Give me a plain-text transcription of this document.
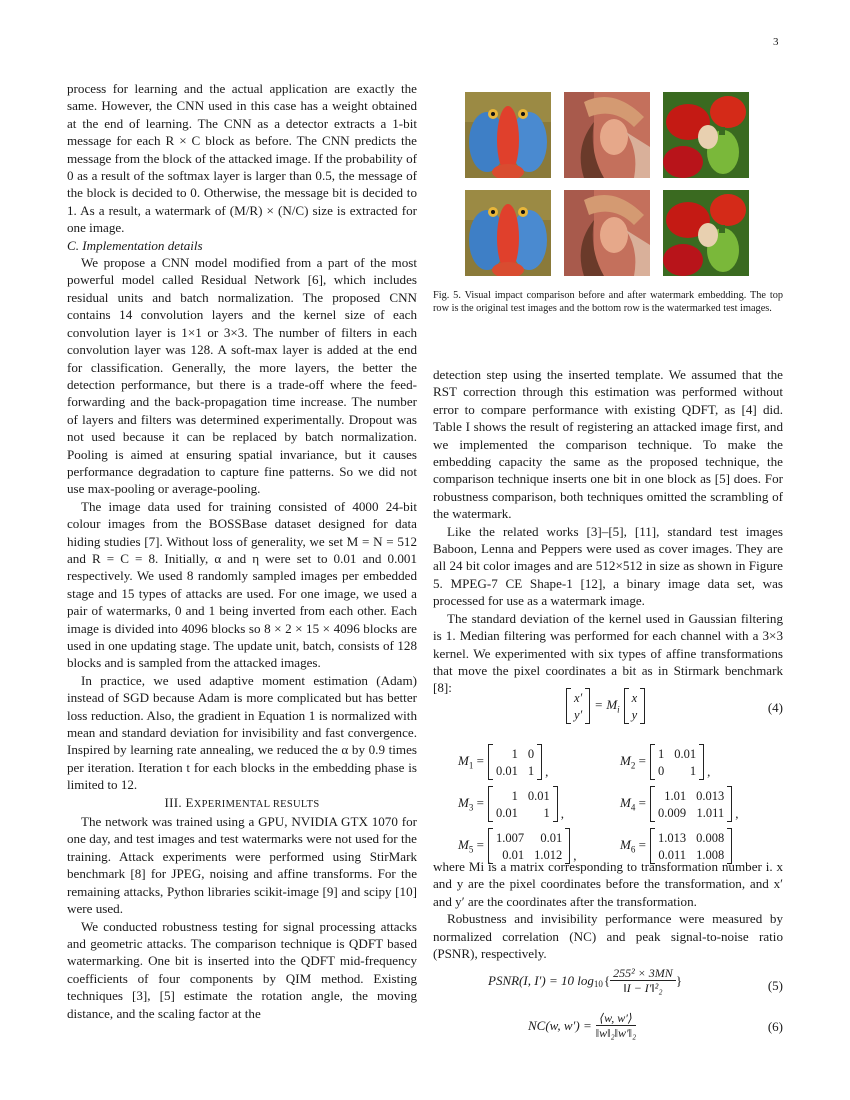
3

process for learning and the actual application are exactly the same. However, the CNN used in this case has a weight obtained at the end of learning. The CNN as a detector extracts a 1-bit message for each R × C block as before. The CNN predicts the message from the block of the attacked image. If the probability of 0 as a result of the softmax layer is larger than 0.5, the message of the block is decided to 0. Otherwise, the message bit is decided to 1. As a result, a watermark of (M/R) × (N/C) size is extracted for one image.

C. Implementation details

We propose a CNN model modified from a part of the most powerful model called Residual Network [6], which includes residual units and batch normalization. The proposed CNN contains 14 convolution layers and the kernel size of each convolution layer is 1×1 or 3×3. The number of filters in each convolution layer was 128. A soft-max layer is added at the end for classification. Generally, the more layers, the better the detection performance, but there is a trade-off where the feed-forwarding and the back-propagation time increase. The number of layers and filters was determined experimentally. Dropout was not used because it can be replaced by batch normalization. Pooling is aimed at ensuring spatial invariance, but it causes performance degradation to capture fine patterns. So we did not use max-pooling or average-pooling.

The image data used for training consisted of 4000 24-bit colour images from the BOSSBase dataset designed for data hiding studies [7]. Without loss of generality, we set M = N = 512 and R = C = 8. Initially, α and η were set to 0.01 and 0.001 respectively. We used 8 randomly sampled images per embedded stage and 15 types of attacks are used. For one image, we used a pair of watermarks, 0 and 1 being inverted from each other. Each image is divided into 4096 blocks so 8 × 2 × 15 × 4096 blocks are used in one updating stage. The update unit, batch, consists of 128 blocks and is sampled from the attacked images.

In practice, we used adaptive moment estimation (Adam) instead of SGD because Adam is more complicated but has better loss reduction. Also, the gradient in Equation 1 is normalized with mean and standard deviation for invisibility and fast convergence. Inspired by learning rate annealing, we reduced the α by 0.9 times per iteration. Iteration t for each blocks in the embedding phase is limited to 12.

III. EXPERIMENTAL RESULTS

The network was trained using a GPU, NVIDIA GTX 1070 for one day, and test images and test watermarks were not used for the training. Attack experiments were performed using StirMark benchmark [8] for JPEG, noising and affine transforms. For the remaining attacks, Python libraries scikit-image [9] and scipy [10] were used.

We conducted robustness testing for signal processing attacks and geometric attacks. The comparison technique is QDFT based watermarking. One bit is inserted into the QDFT mid-frequency coefficients of four components by QIM method. Existing techniques [3], [5] estimate the rotation angle, the moving distance, and the scaling factor at the

Fig. 5. Visual impact comparison before and after watermark embedding. The top row is the original test images and the bottom row is the watermarked test images.

detection step using the inserted template. We assumed that the RST correction through this estimation was performed without error to compare performance with existing QDFT, as [4] did. Table I shows the result of registering an attacked image first, and we implemented the comparison technique. To make the embedding capacity the same as the proposed technique, the comparison technique inserts one bit in one block as [5] does. For robustness comparison, both techniques omitted the scrambling of the watermark.

Like the related works [3]–[5], [11], standard test images Baboon, Lenna and Peppers were used as cover images. They are all 24 bit color images and are 512×512 in size as shown in Figure 5. MPEG-7 CE Shape-1 [12], a binary image data set, was processed for use as a watermark image.

The standard deviation of the kernel used in Gaussian filtering is 1. Median filtering was performed for each channel with a 3×3 kernel. We experimented with six types of affine transformations that move the pixel coordinates a bit as in Stirmark benchmark [8]:

x′
y′
= $M_i$
x
y	(4)
$M_1$ =	1 0
0.01 1 ,
$M_2 = 1$ 0.01
0	1 ,
$M_3$ =	1 0.01
0.01	1 ,
$M_4$ =	1.01 0.013
0.009 1.011 ,
$M_5 = 1.007$	0.01
0.01 1.012 ,
$M_6 = 1.013$ 0.008
0.011 1.008

where Mi is a matrix corresponding to transformation number i. x and y are the pixel coordinates before the transformation, and x′ and y′ are the coordinates after the transformation.

Robustness and invisibility performance were measured by normalized correlation (NC) and peak signal-to-noise ratio (PSNR), respectively.

PSNR(I, I′) = 10 $\log_{10}$ { $\frac{\text{255² × 3MN}}{\text{‖I − I′‖²₂}}$ }	(5)
NC(w, $w') = \frac{⟨w, w'⟩}{\text{‖w‖₂‖w′‖₂}}$	(6)
